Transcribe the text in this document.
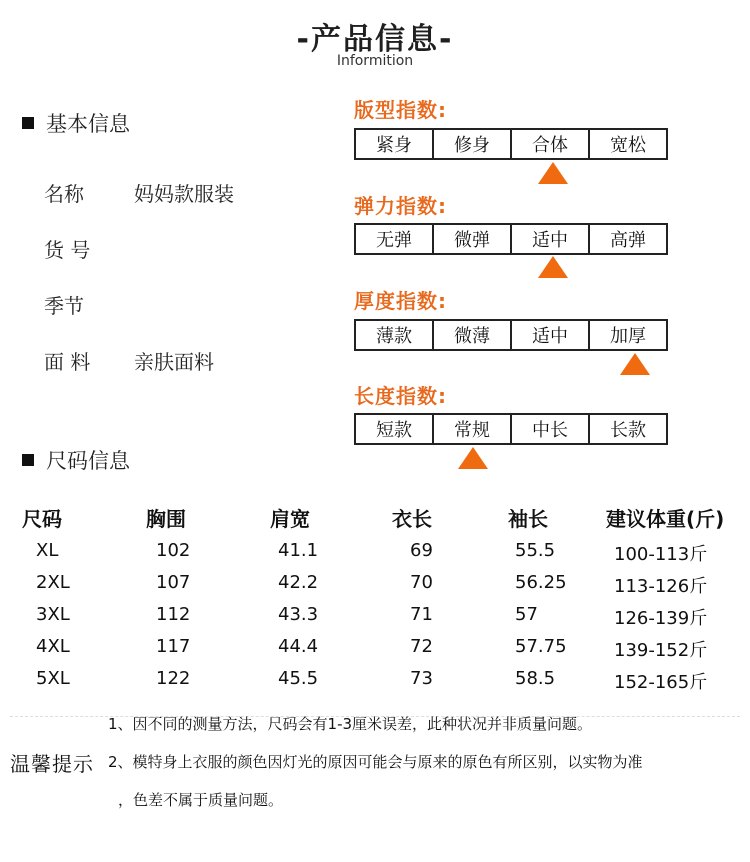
-产品信息-
Informition
基本信息
名称	妈妈款服装
货 号
季节
面 料 亲肤面料
版型指数:
紧身	修身	合体	宽松
弹力指数:
无弹	微弹	适中	高弹
厚度指数:
薄款	微薄	适中	加厚
长度指数:
短款	常规	中长	长款
尺码信息
尺码	胸围	肩宽	衣长	袖长	建议体重(斤)
XL	102	41.1	69	55.5	100-113斤
2XL	107	42.2	70	56.25	113-126斤
3XL	112	43.3	71	57	126-139斤
4XL	117	44.4	72	57.75	139-152斤
5XL	122	45.5	73	58.5	152-165斤
1、因不同的测量方法，尺码会有1-3厘米误差，此种状况并非质量问题。
温馨提示 2、模特身上衣服的颜色因灯光的原因可能会与原来的原色有所区别，以实物为准
，色差不属于质量问题。
